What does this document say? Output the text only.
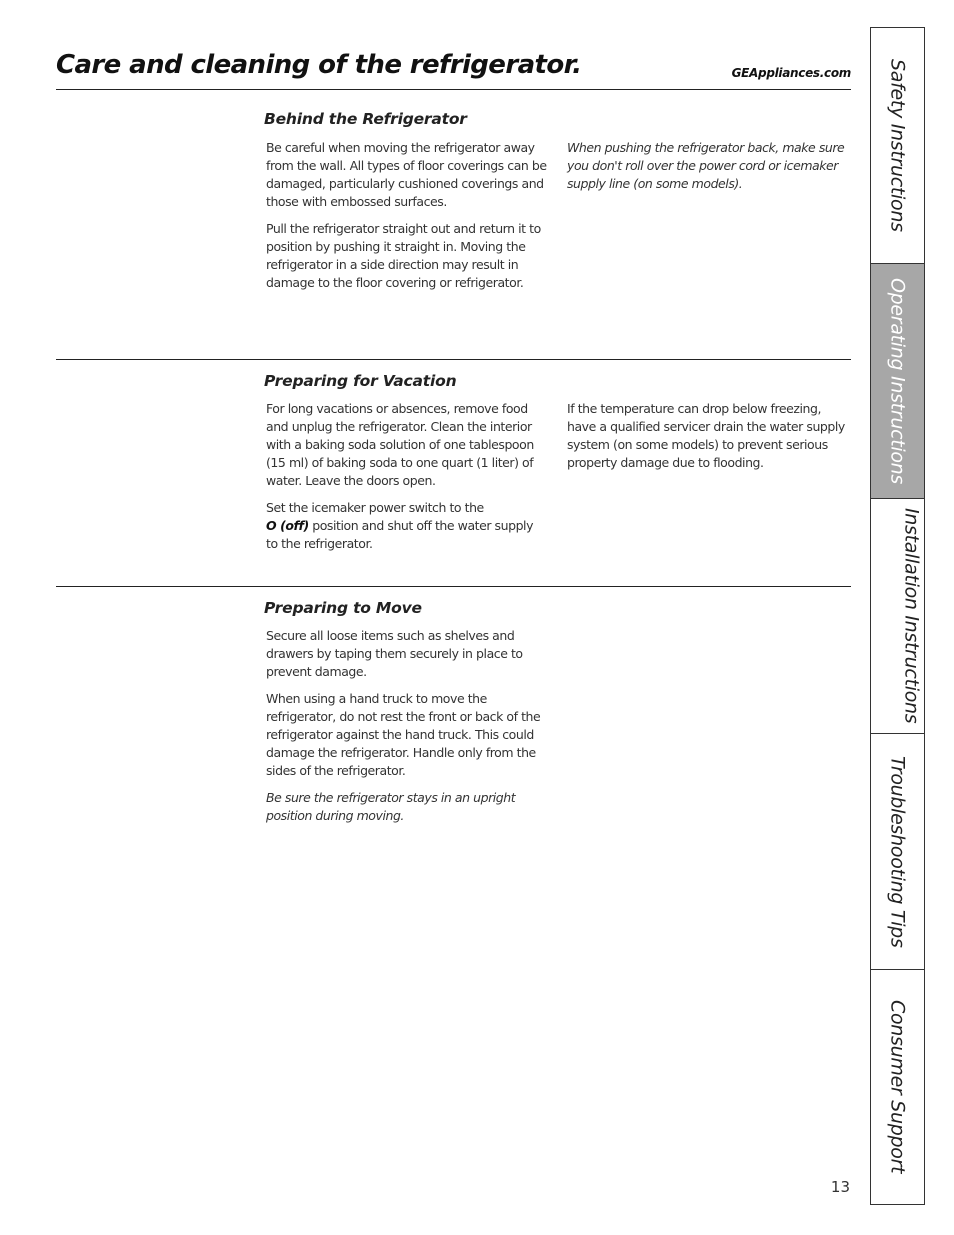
Care and cleaning of the refrigerator.	GEAppliances.com
Behind the Refrigerator

Be careful when moving the refrigerator away from the wall. All types of floor coverings can be damaged, particularly cushioned coverings and those with embossed surfaces.

Pull the refrigerator straight out and return it to position by pushing it straight in. Moving the refrigerator in a side direction may result in damage to the floor covering or refrigerator.

When pushing the refrigerator back, make sure you don't roll over the power cord or icemaker supply line (on some models).

Preparing for Vacation

For long vacations or absences, remove food and unplug the refrigerator. Clean the interior with a baking soda solution of one tablespoon (15 ml) of baking soda to one quart (1 liter) of water. Leave the doors open.

Set the icemaker power switch to the
O (off) position and shut off the water supply to the refrigerator.

If the temperature can drop below freezing, have a qualified servicer drain the water supply system (on some models) to prevent serious property damage due to flooding.

Preparing to Move

Secure all loose items such as shelves and drawers by taping them securely in place to prevent damage.

When using a hand truck to move the refrigerator, do not rest the front or back of the refrigerator against the hand truck. This could damage the refrigerator. Handle only from the sides of the refrigerator.

Be sure the refrigerator stays in an upright position during moving.

Safety Instructions
Operating Instructions
Installation Instructions
Troubleshooting Tips
Consumer Support
13
